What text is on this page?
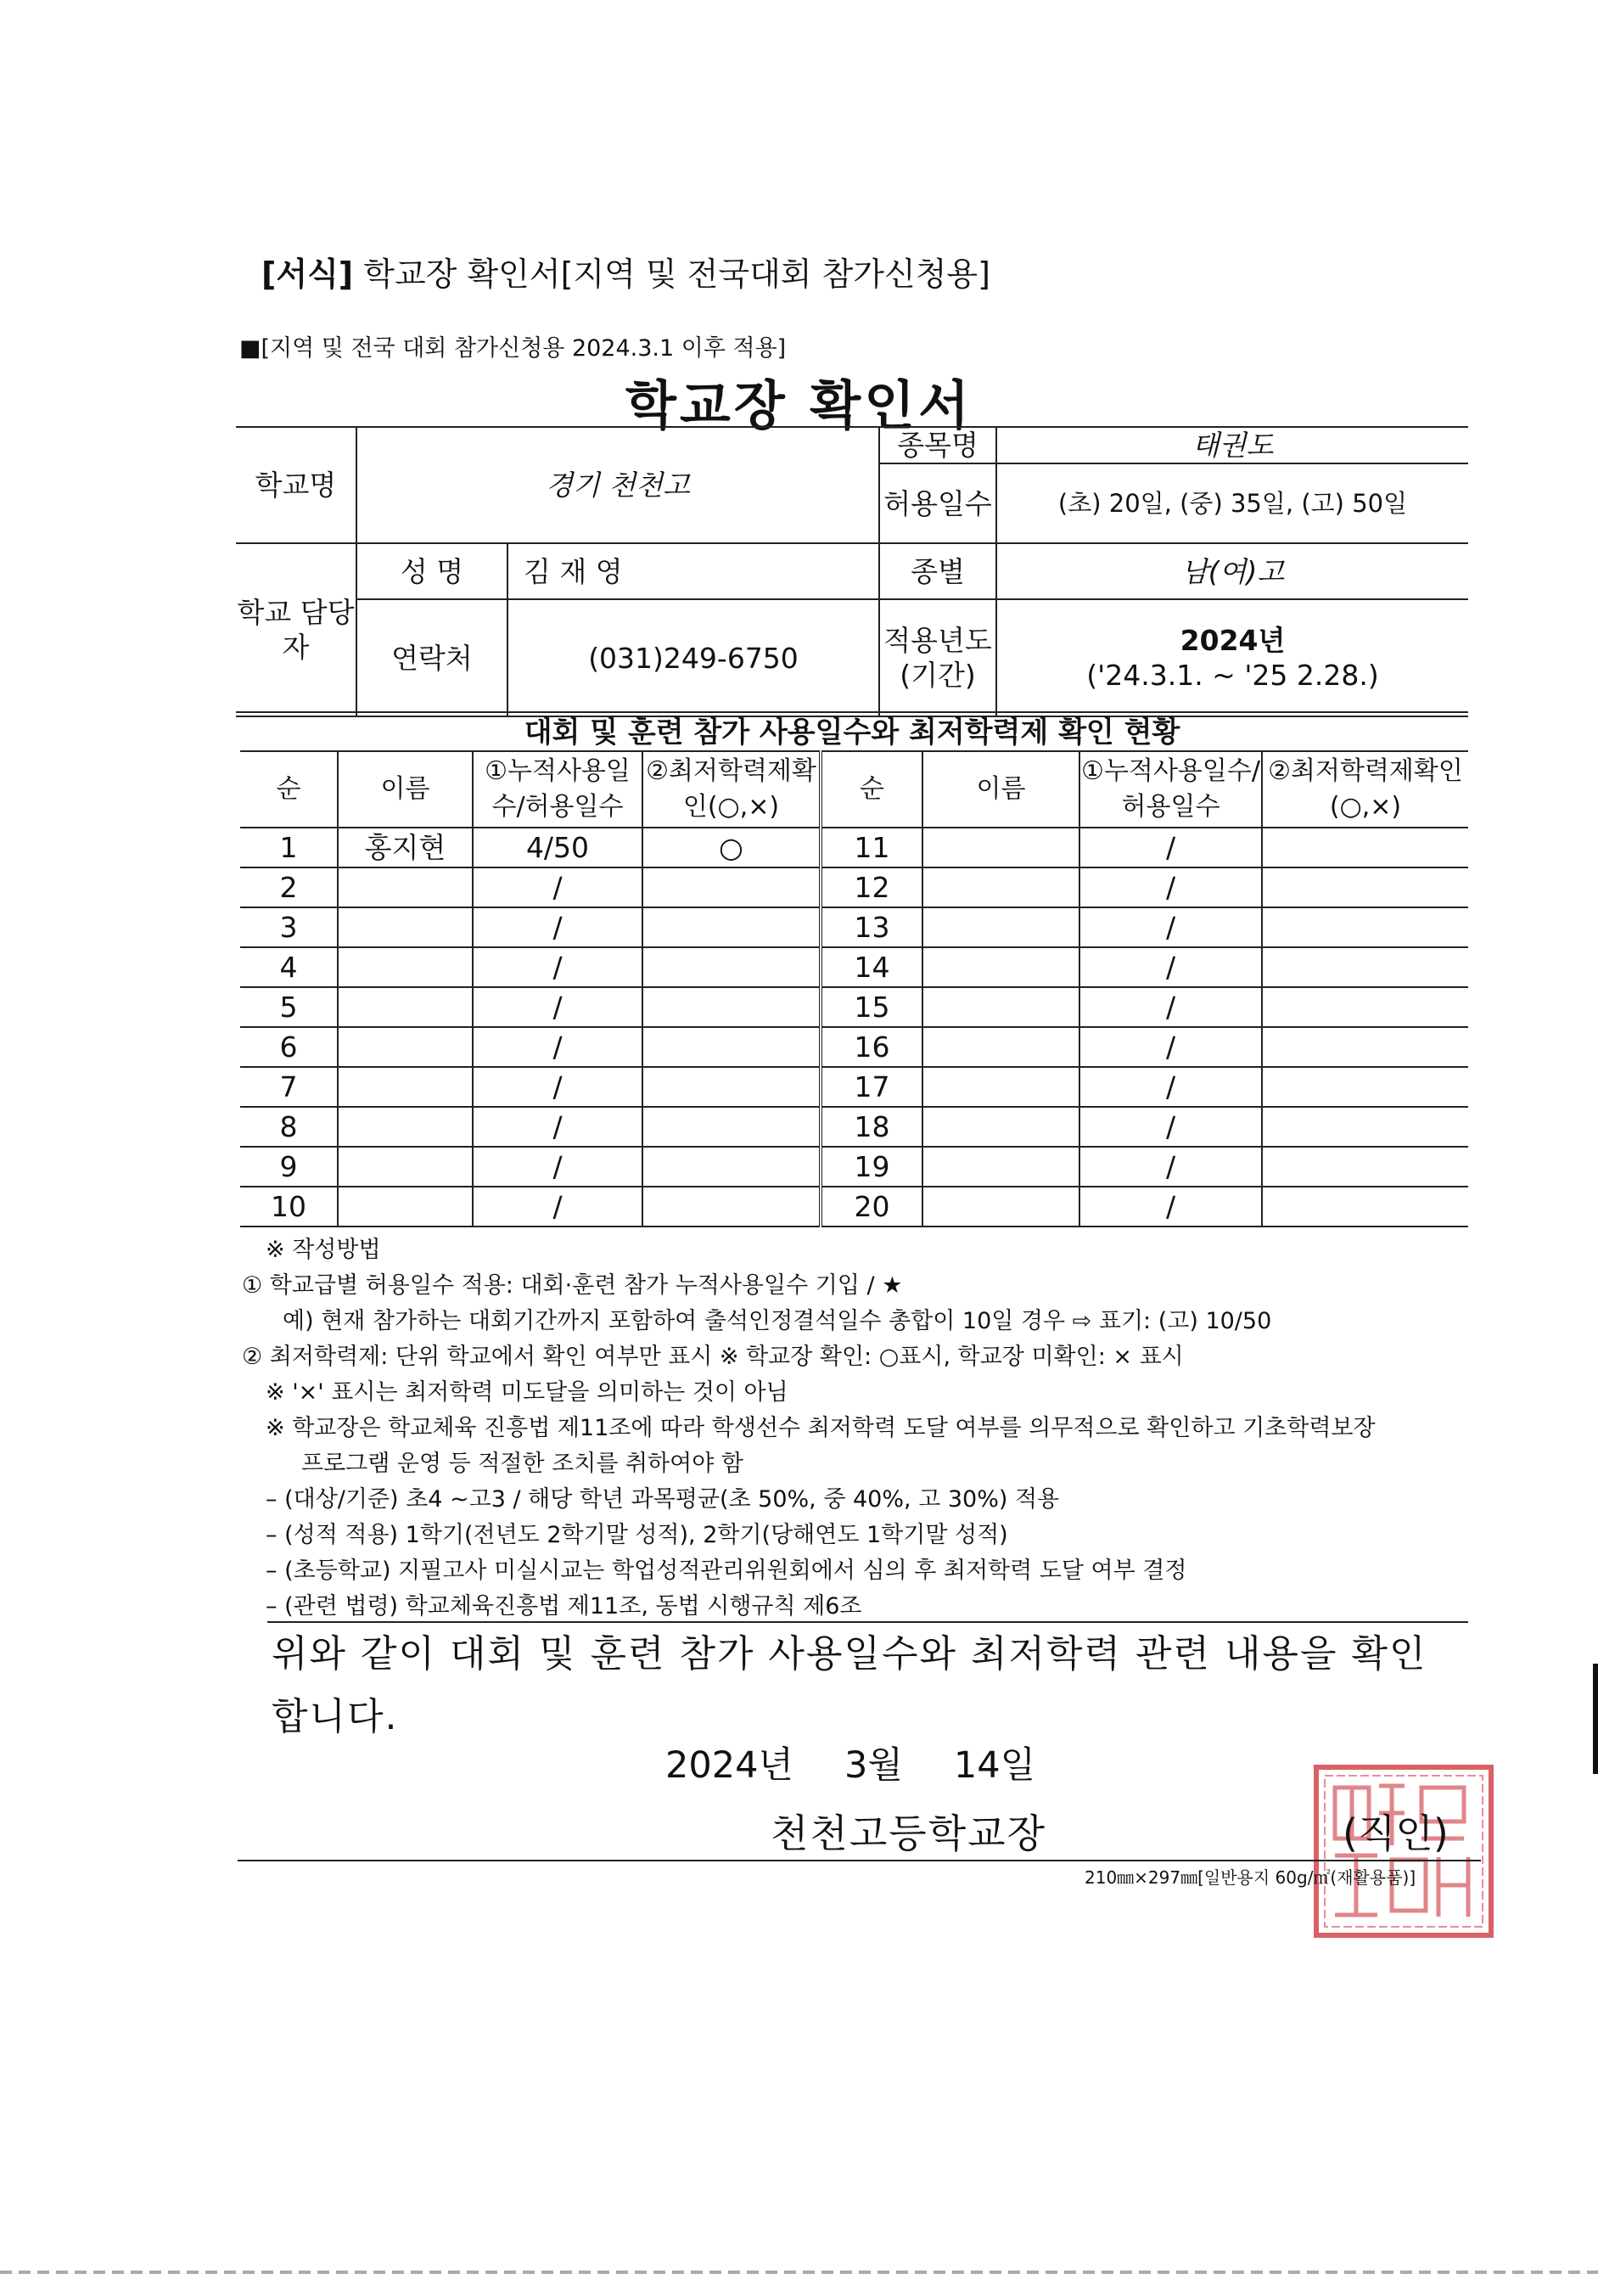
[서식] 학교장 확인서[지역 및 전국대회 참가신청용]
■[지역 및 전국 대회 참가신청용 2024.3.1 이후 적용]
학교장 확인서
학교명	경기 천천고		종목명	태권도
			허용일수	(초) 20일, (중) 35일, (고) 50일
학교 담당자	성 명	김 재 영	종별	남(여)고
	연락처	(031)249-6750	적용년도 (기간)	2024년
('24.3.1. ~ '25 2.28.)
대회 및 훈련 참가 사용일수와 최저학력제 확인 현황
순	이름	①누적사용일수/허용일수	②최저학력제확인(○,×)	순	이름	①누적사용일수/허용일수	②최저학력제확인(○,×)
1	홍지현	4/50	○	11		/	
2		/		12		/	
3		/		13		/	
4		/		14		/	
5		/		15		/	
6		/		16		/	
7		/		17		/	
8		/		18		/	
9		/		19		/	
10		/		20		/	
※ 작성방법
① 학교급별 허용일수 적용: 대회·훈련 참가 누적사용일수 기입 / ★
예) 현재 참가하는 대회기간까지 포함하여 출석인정결석일수 총합이 10일 경우 ⇨ 표기: (고) 10/50
② 최저학력제: 단위 학교에서 확인 여부만 표시 ※ 학교장 확인: ○표시, 학교장 미확인: × 표시
※ '×' 표시는 최저학력 미도달을 의미하는 것이 아님
※ 학교장은 학교체육 진흥법 제11조에 따라 학생선수 최저학력 도달 여부를 의무적으로 확인하고 기초학력보장
프로그램 운영 등 적절한 조치를 취하여야 함
– (대상/기준) 초4 ~고3 / 해당 학년 과목평균(초 50%, 중 40%, 고 30%) 적용
– (성적 적용) 1학기(전년도 2학기말 성적), 2학기(당해연도 1학기말 성적)
– (초등학교) 지필고사 미실시교는 학업성적관리위원회에서 심의 후 최저학력 도달 여부 결정
– (관련 법령) 학교체육진흥법 제11조, 동법 시행규칙 제6조
위와 같이 대회 및 훈련 참가 사용일수와 최저학력 관련 내용을 확인
합니다.
2024년 3월 14일
천천고등학교장	(직인)
210㎜×297㎜[일반용지 60g/㎡(재활용품)]
